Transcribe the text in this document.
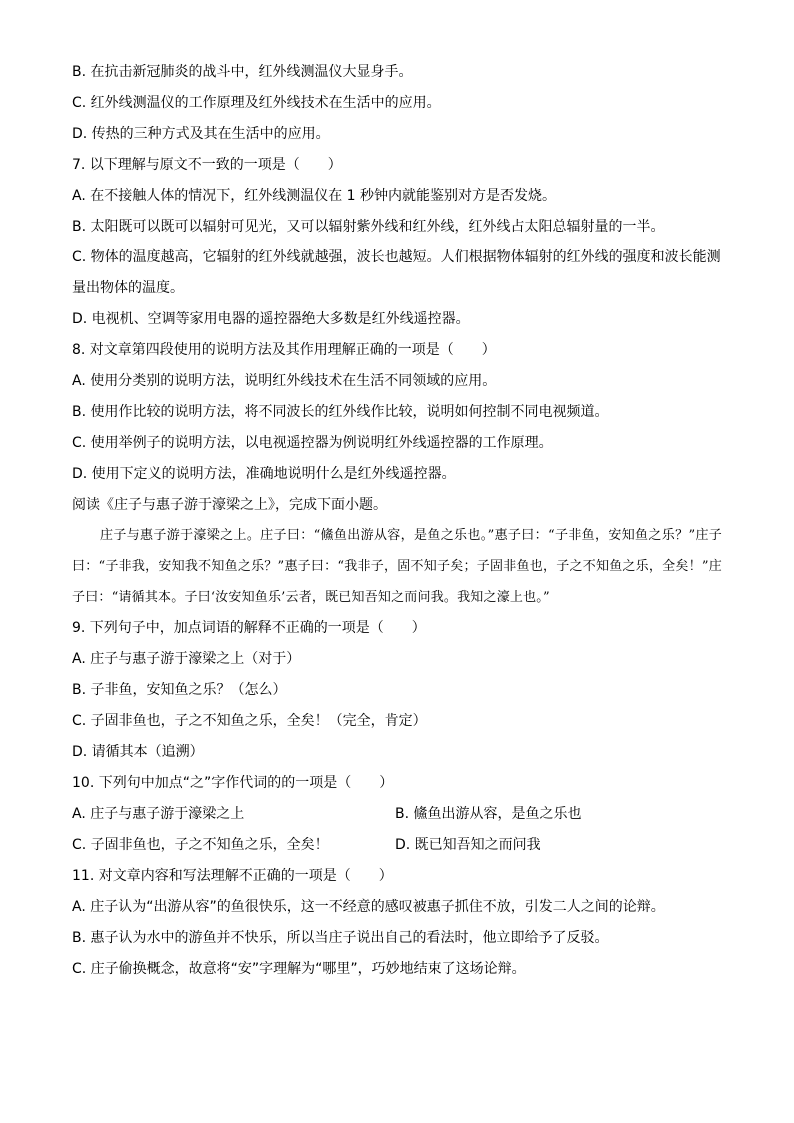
B. 在抗击新冠肺炎的战斗中，红外线测温仪大显身手。
C. 红外线测温仪的工作原理及红外线技术在生活中的应用。
D. 传热的三种方式及其在生活中的应用。
7. 以下理解与原文不一致的一项是（　　）
A. 在不接触人体的情况下，红外线测温仪在 1 秒钟内就能鉴别对方是否发烧。
B. 太阳既可以既可以辐射可见光，又可以辐射紫外线和红外线，红外线占太阳总辐射量的一半。
C. 物体的温度越高，它辐射的红外线就越强，波长也越短。人们根据物体辐射的红外线的强度和波长能测量出物体的温度。
D. 电视机、空调等家用电器的遥控器绝大多数是红外线遥控器。
8. 对文章第四段使用的说明方法及其作用理解正确的一项是（　　）
A. 使用分类别的说明方法，说明红外线技术在生活不同领域的应用。
B. 使用作比较的说明方法，将不同波长的红外线作比较，说明如何控制不同电视频道。
C. 使用举例子的说明方法，以电视遥控器为例说明红外线遥控器的工作原理。
D. 使用下定义的说明方法，准确地说明什么是红外线遥控器。
阅读《庄子与惠子游于濠梁之上》，完成下面小题。
庄子与惠子游于濠梁之上。庄子曰：“鯈鱼出游从容，是鱼之乐也。”惠子曰：“子非鱼，安知鱼之乐？”庄子曰：“子非我，安知我不知鱼之乐？”惠子曰：“我非子，固不知子矣；子固非鱼也，子之不知鱼之乐，全矣！”庄子曰：“请循其本。子曰‘汝安知鱼乐’云者，既已知吾知之而问我。我知之濠上也。”
9. 下列句子中，加点词语的解释不正确的一项是（　　）
A. 庄子与惠子游于濠梁之上（对于）
B. 子非鱼，安知鱼之乐？（怎么）
C. 子固非鱼也，子之不知鱼之乐，全矣！（完全，肯定）
D. 请循其本（追溯）
10. 下列句中加点“之”字作代词的的一项是（　　）
A. 庄子与惠子游于濠梁之上	B. 鯈鱼出游从容，是鱼之乐也
C. 子固非鱼也，子之不知鱼之乐，全矣！	D. 既已知吾知之而问我
11. 对文章内容和写法理解不正确的一项是（　　）
A. 庄子认为“出游从容”的鱼很快乐，这一不经意的感叹被惠子抓住不放，引发二人之间的论辩。
B. 惠子认为水中的游鱼并不快乐，所以当庄子说出自己的看法时，他立即给予了反驳。
C. 庄子偷换概念，故意将“安”字理解为“哪里”，巧妙地结束了这场论辩。
